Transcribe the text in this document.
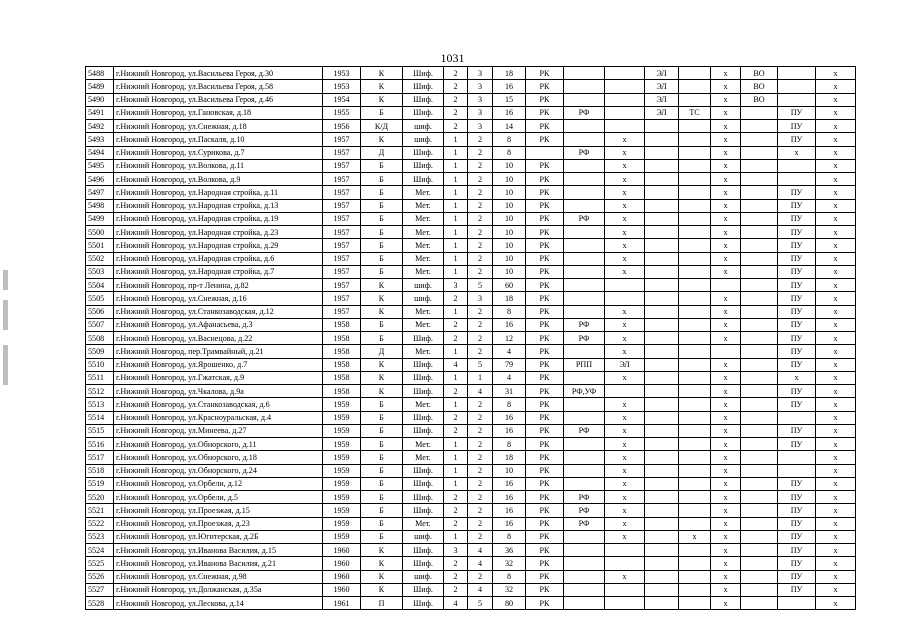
1031
5488	г.Нижний Новгород, ул.Васильева Героя, д.30	1953	К	Шиф.	2	3	18	РК			ЭЛ		x	ВО		x
5489	г.Нижний Новгород, ул.Васильева Героя, д.58	1953	К	Шиф.	2	3	16	РК			ЭЛ		x	ВО		x
5490	г.Нижний Новгород, ул.Васильева Героя, д.46	1954	К	Шиф.	2	3	15	РК			ЭЛ		x	ВО		x
5491	г.Нижний Новгород, ул.Гановская, д.18	1955	Б	Шиф.	2	3	16	РК	РФ		ЭЛ	ТС	x		ПУ	x
5492	г.Нижний Новгород, ул.Снежная, д.18	1956	К/Д	шиф.	2	3	14	РК					x		ПУ	x
5493	г.Нижний Новгород, ул.Паскаля, д.10	1957	К	шиф.	1	2	8	РК		x			x		ПУ	x
5494	г.Нижний Новгород, ул.Сурикова, д.7	1957	Д	Шиф.	1	2	8		РФ	x			x		x	x
5495	г.Нижний Новгород, ул.Волкова, д.11	1957	Б	Шиф.	1	2	10	РК		x			x			x
5496	г.Нижний Новгород, ул.Волкова, д.9	1957	Б	Шиф.	1	2	10	РК		x			x			x
5497	г.Нижний Новгород, ул.Народная стройка, д.11	1957	Б	Мет.	1	2	10	РК		x			x		ПУ	x
5498	г.Нижний Новгород, ул.Народная стройка, д.13	1957	Б	Мет.	1	2	10	РК		x			x		ПУ	x
5499	г.Нижний Новгород, ул.Народная стройка, д.19	1957	Б	Мет.	1	2	10	РК	РФ	x			x		ПУ	x
5500	г.Нижний Новгород, ул.Народная стройка, д.23	1957	Б	Мет.	1	2	10	РК		x			x		ПУ	x
5501	г.Нижний Новгород, ул.Народная стройка, д.29	1957	Б	Мет.	1	2	10	РК		x			x		ПУ	x
5502	г.Нижний Новгород, ул.Народная стройка, д.6	1957	Б	Мет.	1	2	10	РК		x			x		ПУ	x
5503	г.Нижний Новгород, ул.Народная стройка, д.7	1957	Б	Мет.	1	2	10	РК		x			x		ПУ	x
5504	г.Нижний Новгород, пр-т Ленина, д.82	1957	К	шиф.	3	5	60	РК							ПУ	x
5505	г.Нижний Новгород, ул.Снежная, д.16	1957	К	шиф.	2	3	18	РК					x		ПУ	x
5506	г.Нижний Новгород, ул.Станкозаводская, д.12	1957	К	Мет.	1	2	8	РК		x			x		ПУ	x
5507	г.Нижний Новгород, ул.Афанасьева, д.3	1958	Б	Мет.	2	2	16	РК	РФ	x			x		ПУ	x
5508	г.Нижний Новгород, ул.Васнецова, д.22	1958	Б	Шиф.	2	2	12	РК	РФ	x			x		ПУ	x
5509	г.Нижний Новгород, пер.Трамвайный, д.21	1958	Д	Мет.	1	2	4	РК		x					ПУ	x
5510	г.Нижний Новгород, ул.Ярошенко, д.7	1958	К	Шиф.	4	5	79	РК	РПП	ЭЛ			x		ПУ	x
5511	г.Нижний Новгород, ул.Гжатская, д.9	1958	К	Шиф.	1	1	4	РК		x			x		x	x
5512	г.Нижний Новгород, ул.Чкалова, д.9а	1958	К	Шиф.	2	4	31	РК	РФ,УФ				x		ПУ	x
5513	г.Нижний Новгород, ул.Станкозаводская, д.6	1959	Б	Мет.	1	2	8	РК		x			x		ПУ	x
5514	г.Нижний Новгород, ул.Красноуральская, д.4	1959	Б	Шиф.	2	2	16	РК		x			x			x
5515	г.Нижний Новгород, ул.Минеева, д.27	1959	Б	Шиф.	2	2	16	РК	РФ	x			x		ПУ	x
5516	г.Нижний Новгород, ул.Обнорского, д.11	1959	Б	Мет.	1	2	8	РК		x			x		ПУ	x
5517	г.Нижний Новгород, ул.Обнорского, д.18	1959	Б	Мет.	1	2	18	РК		x			x			x
5518	г.Нижний Новгород, ул.Обнорского, д.24	1959	Б	Шиф.	1	2	10	РК		x			x			x
5519	г.Нижний Новгород, ул.Орбели, д.12	1959	Б	Шиф.	1	2	16	РК		x			x		ПУ	x
5520	г.Нижний Новгород, ул.Орбели, д.5	1959	Б	Шиф.	2	2	16	РК	РФ	x			x		ПУ	x
5521	г.Нижний Новгород, ул.Проезжая, д.15	1959	Б	Шиф.	2	2	16	РК	РФ	x			x		ПУ	x
5522	г.Нижний Новгород, ул.Проезжая, д.23	1959	Б	Мет.	2	2	16	РК	РФ	x			x		ПУ	x
5523	г.Нижний Новгород, ул.Югнтерская, д.2Б	1959	Б	шиф.	1	2	8	РК		x		x	x		ПУ	x
5524	г.Нижний Новгород, ул.Иванова Василия, д.15	1960	К	Шиф.	3	4	36	РК					x		ПУ	x
5525	г.Нижний Новгород, ул.Иванова Василия, д.21	1960	К	Шиф.	2	4	32	РК					x		ПУ	x
5526	г.Нижний Новгород, ул.Снежная, д.98	1960	К	шиф.	2	2	8	РК		x			x		ПУ	x
5527	г.Нижний Новгород, ул.Должанская, д.35а	1960	К	Шиф.	2	4	32	РК					x		ПУ	x
5528	г.Нижний Новгород, ул.Лескова, д.14	1961	П	Шиф.	4	5	80	РК					x			x
